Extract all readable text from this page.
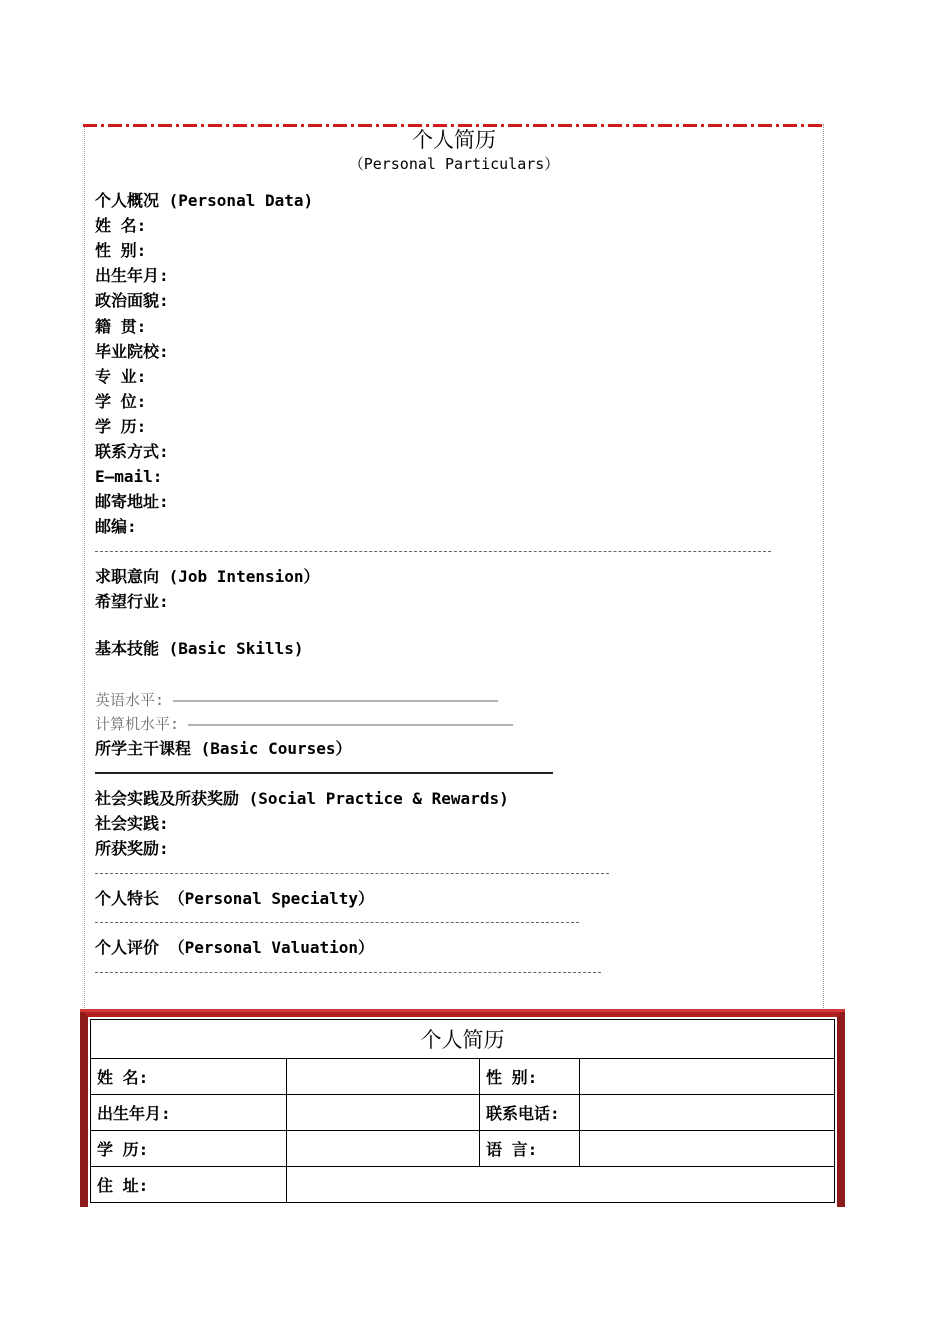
个人简历
（Personal Particulars）
个人概况 (Personal Data)
姓 名:
性 别:
出生年月:
政治面貌:
籍 贯:
毕业院校:
专 业:
学 位:
学 历:
联系方式:
E—mail:
邮寄地址:
邮编:
求职意向 (Job Intension）
希望行业:
基本技能 (Basic Skills)
英语水平: ————————————————————————————————————
计算机水平: ————————————————————————————————————
所学主干课程 (Basic Courses）
社会实践及所获奖励 (Social Practice & Rewards)
社会实践:
所获奖励:
个人特长 （Personal Specialty）
个人评价 （Personal Valuation）
个人简历			
姓 名:		性 别:	
出生年月:		联系电话:	
学 历:		语 言:	
住 址:			
